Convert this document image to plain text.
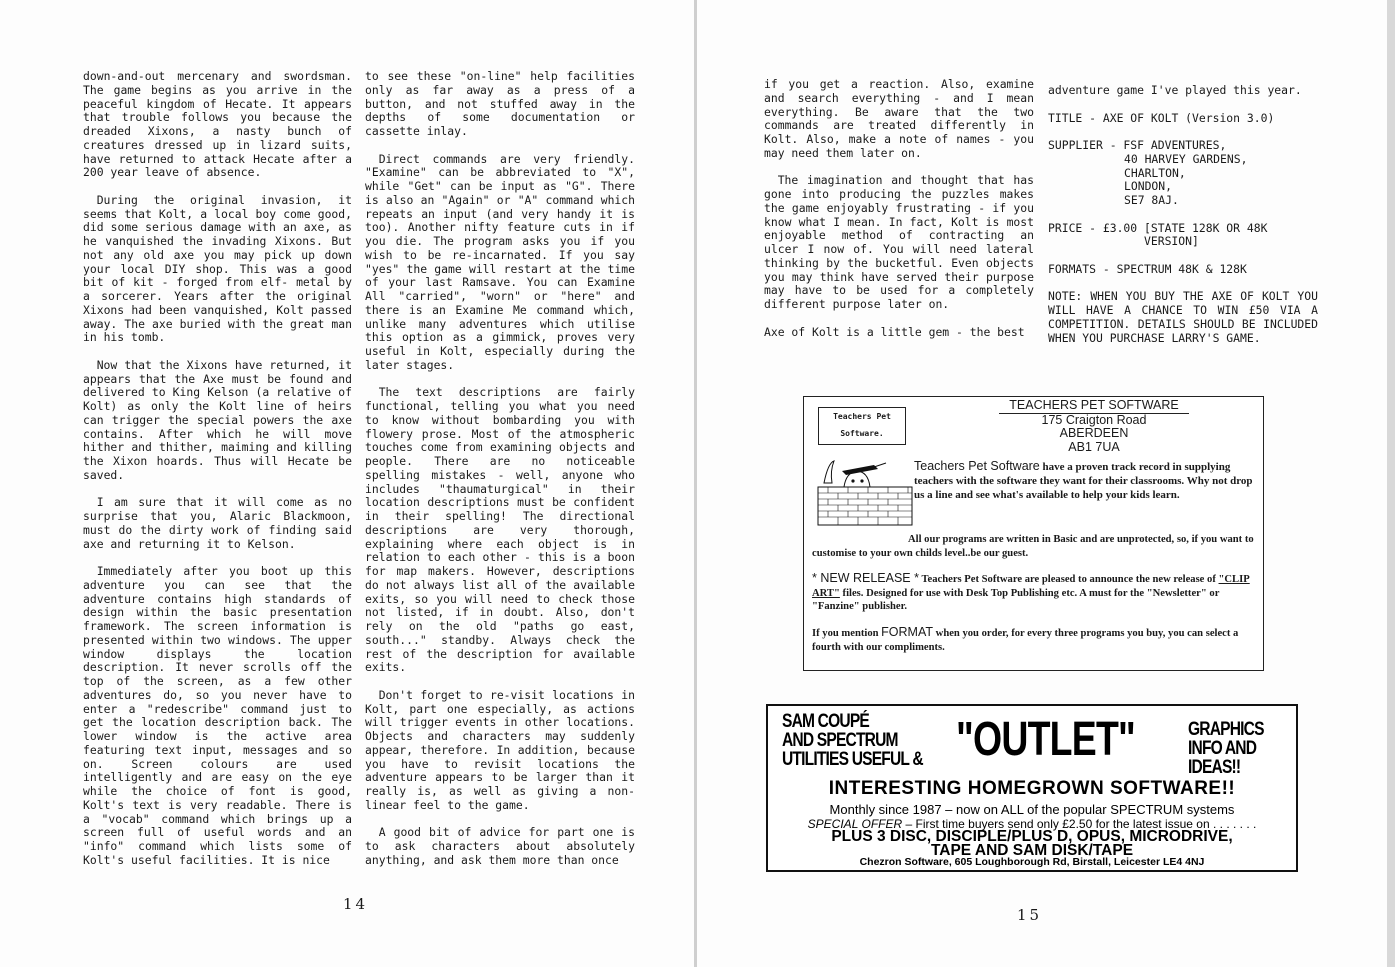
down-and-out mercenary and swordsman. The game begins as you arrive in the peaceful kingdom of Hecate. It appears that trouble follows you because the dreaded Xixons, a nasty bunch of creatures dressed up in lizard suits, have returned to attack Hecate after a 200 year leave of absence.

During the original invasion, it seems that Kolt, a local boy come good, did some serious damage with an axe, as he vanquished the invading Xixons. But not any old axe you may pick up down your local DIY shop. This was a good bit of kit - forged from elf- metal by a sorcerer. Years after the original Xixons had been vanquished, Kolt passed away. The axe buried with the great man in his tomb.

Now that the Xixons have returned, it appears that the Axe must be found and delivered to King Kelson (a relative of Kolt) as only the Kolt line of heirs can trigger the special powers the axe contains. After which he will move hither and thither, maiming and killing the Xixon hoards. Thus will Hecate be saved.

I am sure that it will come as no surprise that you, Alaric Blackmoon, must do the dirty work of finding said axe and returning it to Kelson.

Immediately after you boot up this adventure you can see that the adventure contains high standards of design within the basic presentation framework. The screen information is presented within two windows. The upper window displays the location description. It never scrolls off the top of the screen, as a few other adventures do, so you never have to enter a "redescribe" command just to get the location description back. The lower window is the active area featuring text input, messages and so on. Screen colours are used intelligently and are easy on the eye while the choice of font is good, Kolt's text is very readable. There is a "vocab" command which brings up a screen full of useful words and an "info" command which lists some of Kolt's useful facilities. It is nice

to see these "on-line" help facilities only as far away as a press of a button, and not stuffed away in the depths of some documentation or cassette inlay.

Direct commands are very friendly. "Examine" can be abbreviated to "X", while "Get" can be input as "G". There is also an "Again" or "A" command which repeats an input (and very handy it is too). Another nifty feature cuts in if you die. The program asks you if you wish to be re-incarnated. If you say "yes" the game will restart at the time of your last Ramsave. You can Examine All "carried", "worn" or "here" and there is an Examine Me command which, unlike many adventures which utilise this option as a gimmick, proves very useful in Kolt, especially during the later stages.

The text descriptions are fairly functional, telling you what you need to know without bombarding you with flowery prose. Most of the atmospheric touches come from examining objects and people. There are no noticeable spelling mistakes - well, anyone who includes "thaumaturgical" in their location descriptions must be confident in their spelling! The directional descriptions are very thorough, explaining where each object is in relation to each other - this is a boon for map makers. However, descriptions do not always list all of the available exits, so you will need to check those not listed, if in doubt. Also, don't rely on the old "paths go east, south..." standby. Always check the rest of the description for available exits.

Don't forget to re-visit locations in Kolt, part one especially, as actions will trigger events in other locations. Objects and characters may suddenly appear, therefore. In addition, because you have to revisit locations the adventure appears to be larger than it really is, as well as giving a non-linear feel to the game.

A good bit of advice for part one is to ask characters about absolutely anything, and ask them more than once

14

if you get a reaction. Also, examine and search everything - and I mean everything. Be aware that the two commands are treated differently in Kolt. Also, make a note of names - you may need them later on.

The imagination and thought that has gone into producing the puzzles makes the game enjoyably frustrating - if you know what I mean. In fact, Kolt is most enjoyable method of contracting an ulcer I now of. You will need lateral thinking by the bucketful. Even objects you may think have served their purpose may have to be used for a completely different purpose later on.

Axe of Kolt is a little gem - the best

adventure game I've played this year.
TITLE - AXE OF KOLT (Version 3.0)
SUPPLIER - FSF ADVENTURES,
40 HARVEY GARDENS,
CHARLTON,
LONDON,
SE7 8AJ.
PRICE - £3.00 [STATE 128K OR 48K
VERSION]
FORMATS - SPECTRUM 48K & 128K
NOTE: WHEN YOU BUY THE AXE OF KOLT YOU WILL HAVE A CHANCE TO WIN £50 VIA A COMPETITION. DETAILS SHOULD BE INCLUDED WHEN YOU PURCHASE LARRY'S GAME.
Teachers Pet
Software.
TEACHERS PET SOFTWARE
175 Craigton Road
ABERDEEN
AB1 7UA
Teachers Pet Software have a proven track record in supplying teachers with the software they want for their classrooms. Why not drop us a line and see what's available to help your kids learn.
All our programs are written in Basic and are unprotected, so, if you want to customise to your own childs level..be our guest.
* NEW RELEASE * Teachers Pet Software are pleased to announce the new release of "CLIP ART" files. Designed for use with Desk Top Publishing etc. A must for the "Newsletter" or "Fanzine" publisher.
If you mention FORMAT when you order, for every three programs you buy, you can select a fourth with our compliments.
SAM COUPÉ
AND SPECTRUM
UTILITIES USEFUL & "OUTLET"	GRAPHICS
INFO AND
IDEAS!!
INTERESTING HOMEGROWN SOFTWARE!!
Monthly since 1987 – now on ALL of the popular SPECTRUM systems
SPECIAL OFFER – First time buyers send only £2.50 for the latest issue on . . . . . . .
PLUS 3 DISC, DISCIPLE/PLUS D, OPUS, MICRODRIVE,
TAPE AND SAM DISK/TAPE
Chezron Software, 605 Loughborough Rd, Birstall, Leicester LE4 4NJ
15
